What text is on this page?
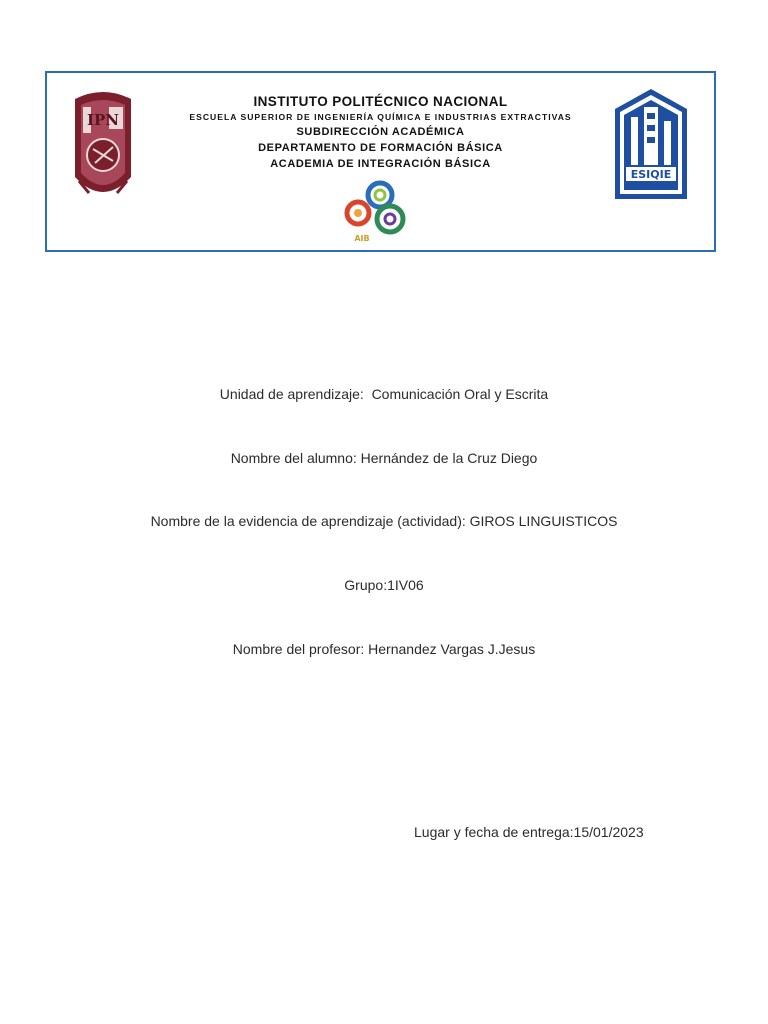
IPN
INSTITUTO POLITÉCNICO NACIONAL
ESCUELA SUPERIOR DE INGENIERÍA QUÍMICA E INDUSTRIAS EXTRACTIVAS
SUBDIRECCIÓN ACADÉMICA
DEPARTAMENTO DE FORMACIÓN BÁSICA
ACADEMIA DE INTEGRACIÓN BÁSICA
ESIQIE
AIB
Unidad de aprendizaje:  Comunicación Oral y Escrita
Nombre del alumno: Hernández de la Cruz Diego
Nombre de la evidencia de aprendizaje (actividad): GIROS LINGUISTICOS
Grupo:1IV06
Nombre del profesor: Hernandez Vargas J.Jesus
Lugar y fecha de entrega:15/01/2023
